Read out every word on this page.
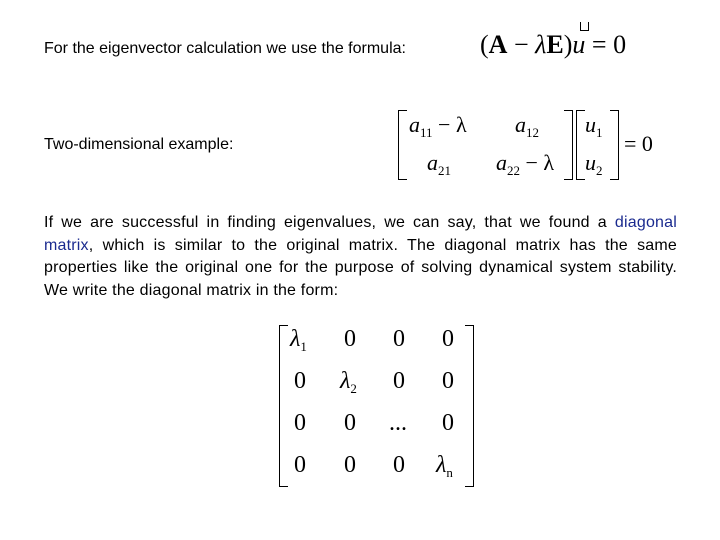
For the eigenvector calculation we use the formula:	(A − λE)
u = 0
Two-dimensional example:
$a_{11} - \lambda$ $a_{12}$
$a_{21}$ $a_{22} - \lambda$
$u_1$
$u_2$
= 0
If we are successful in finding eigenvalues, we can say, that we found a diagonal matrix, which is similar to the original matrix. The diagonal matrix has the same properties like the original one for the purpose of solving dynamical system stability. We write the diagonal matrix in the form:
$\lambda_1$ 0 0 0
0 $\lambda_2$ 0 0
0 0 ... 0
0 0 0 $\lambda_n$
